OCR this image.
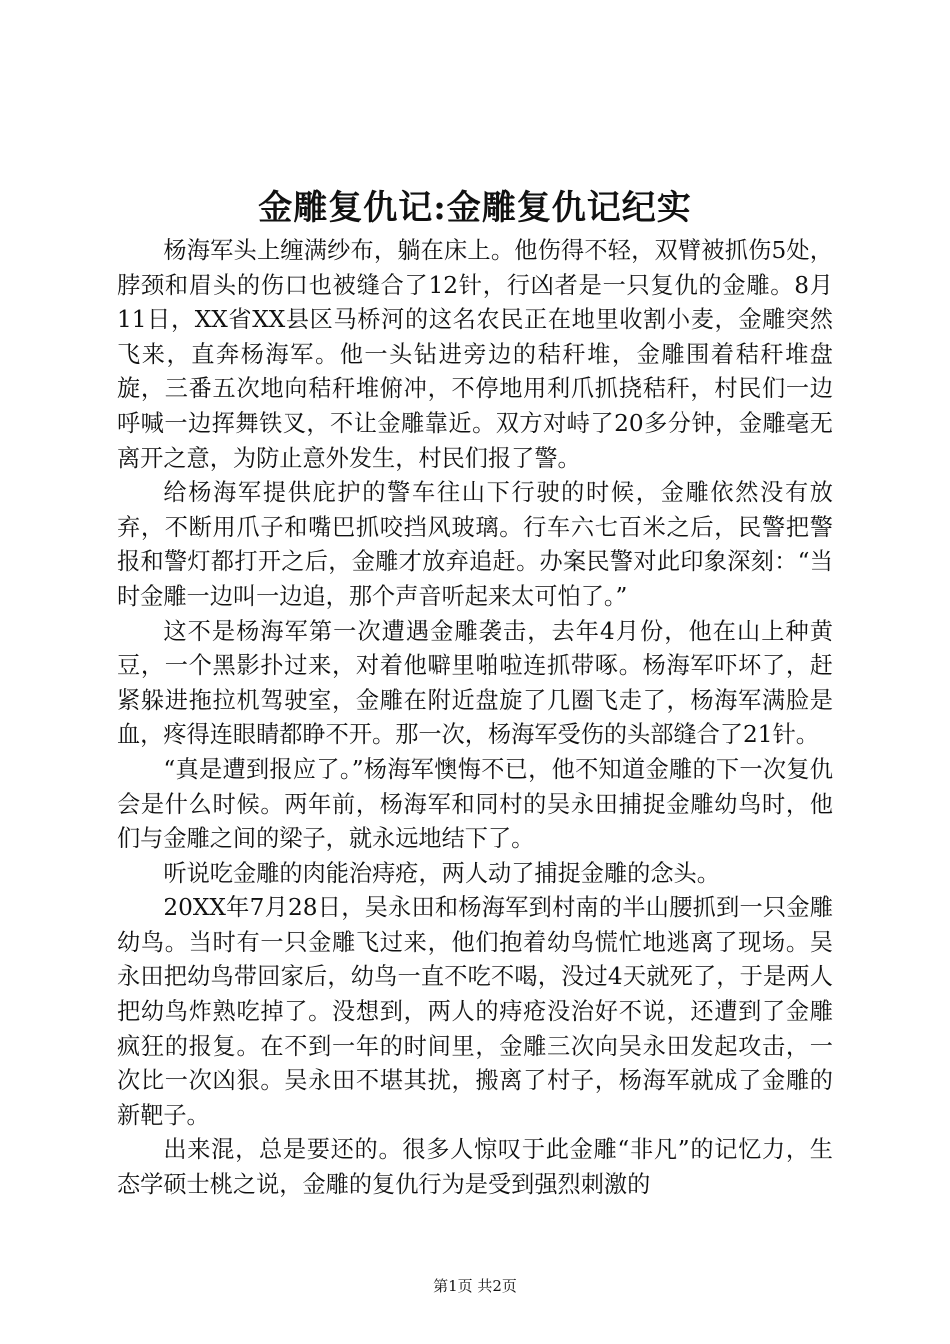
金雕复仇记:金雕复仇记纪实

杨海军头上缠满纱布，躺在床上。他伤得不轻，双臂被抓伤5处，脖颈和眉头的伤口也被缝合了12针，行凶者是一只复仇的金雕。8月11日，XX省XX县区马桥河的这名农民正在地里收割小麦，金雕突然飞来，直奔杨海军。他一头钻进旁边的秸秆堆，金雕围着秸秆堆盘旋，三番五次地向秸秆堆俯冲，不停地用利爪抓挠秸秆，村民们一边呼喊一边挥舞铁叉，不让金雕靠近。双方对峙了20多分钟，金雕毫无离开之意，为防止意外发生，村民们报了警。

给杨海军提供庇护的警车往山下行驶的时候，金雕依然没有放弃，不断用爪子和嘴巴抓咬挡风玻璃。行车六七百米之后，民警把警报和警灯都打开之后，金雕才放弃追赶。办案民警对此印象深刻：“当时金雕一边叫一边追，那个声音听起来太可怕了。”

这不是杨海军第一次遭遇金雕袭击，去年4月份，他在山上种黄豆，一个黑影扑过来，对着他噼里啪啦连抓带啄。杨海军吓坏了，赶紧躲进拖拉机驾驶室，金雕在附近盘旋了几圈飞走了，杨海军满脸是血，疼得连眼睛都睁不开。那一次，杨海军受伤的头部缝合了21针。

“真是遭到报应了。”杨海军懊悔不已，他不知道金雕的下一次复仇会是什么时候。两年前，杨海军和同村的吴永田捕捉金雕幼鸟时，他们与金雕之间的梁子，就永远地结下了。

听说吃金雕的肉能治痔疮，两人动了捕捉金雕的念头。

20XX年7月28日，吴永田和杨海军到村南的半山腰抓到一只金雕幼鸟。当时有一只金雕飞过来，他们抱着幼鸟慌忙地逃离了现场。吴永田把幼鸟带回家后，幼鸟一直不吃不喝，没过4天就死了，于是两人把幼鸟炸熟吃掉了。没想到，两人的痔疮没治好不说，还遭到了金雕疯狂的报复。在不到一年的时间里，金雕三次向吴永田发起攻击，一次比一次凶狠。吴永田不堪其扰，搬离了村子，杨海军就成了金雕的新靶子。

出来混，总是要还的。很多人惊叹于此金雕“非凡”的记忆力，生态学硕士桃之说，金雕的复仇行为是受到强烈刺激的

第1页 共2页
